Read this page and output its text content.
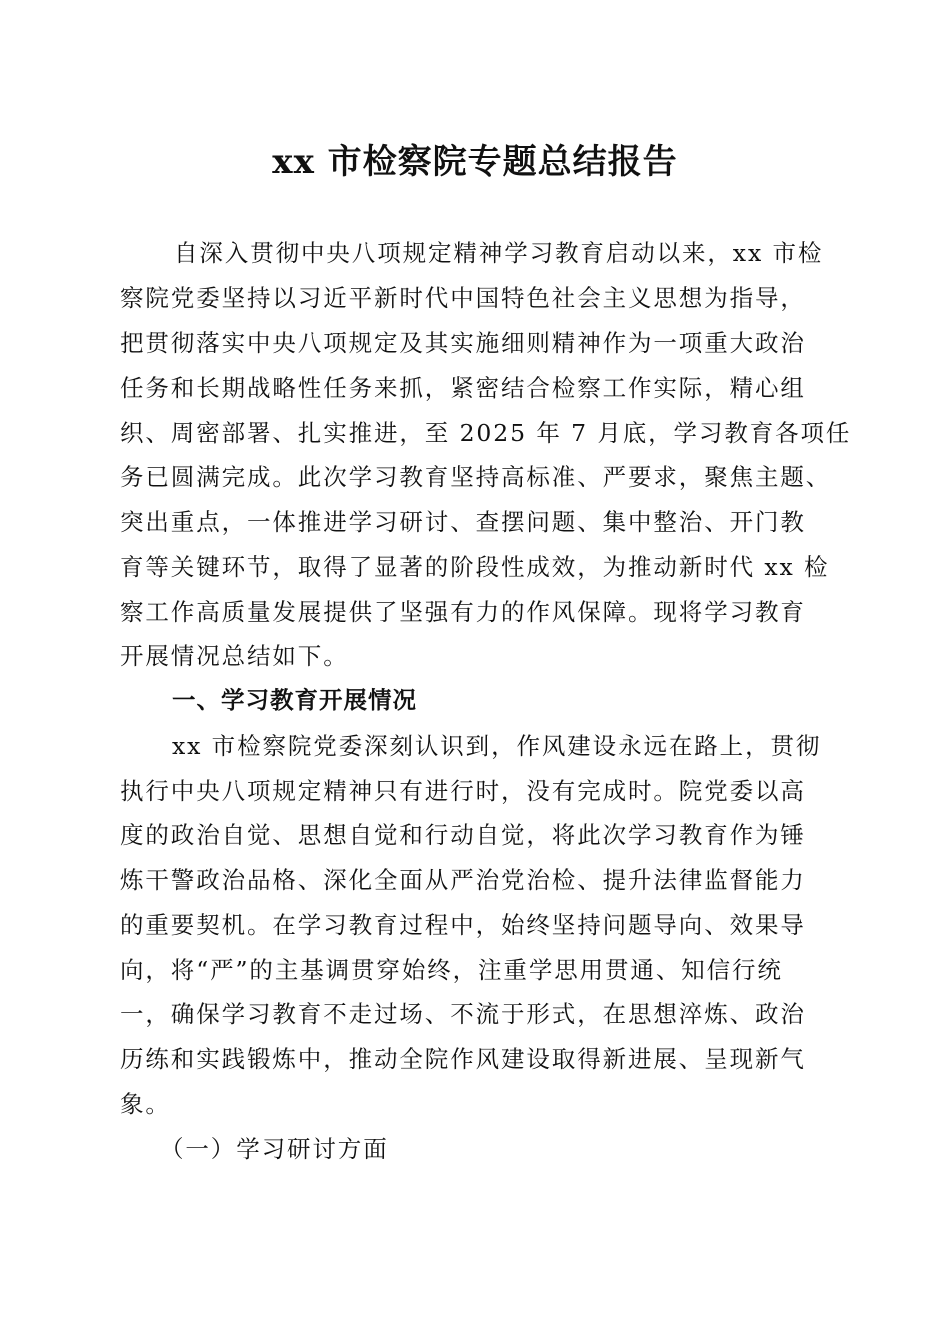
xx 市检察院专题总结报告
自深入贯彻中央八项规定精神学习教育启动以来，xx 市检
察院党委坚持以习近平新时代中国特色社会主义思想为指导，
把贯彻落实中央八项规定及其实施细则精神作为一项重大政治
任务和长期战略性任务来抓，紧密结合检察工作实际，精心组
织、周密部署、扎实推进，至 2025 年 7 月底，学习教育各项任
务已圆满完成。此次学习教育坚持高标准、严要求，聚焦主题、
突出重点，一体推进学习研讨、查摆问题、集中整治、开门教
育等关键环节，取得了显著的阶段性成效，为推动新时代 xx 检
察工作高质量发展提供了坚强有力的作风保障。现将学习教育
开展情况总结如下。
一、学习教育开展情况
xx 市检察院党委深刻认识到，作风建设永远在路上，贯彻
执行中央八项规定精神只有进行时，没有完成时。院党委以高
度的政治自觉、思想自觉和行动自觉，将此次学习教育作为锤
炼干警政治品格、深化全面从严治党治检、提升法律监督能力
的重要契机。在学习教育过程中，始终坚持问题导向、效果导
向，将“严”的主基调贯穿始终，注重学思用贯通、知信行统
一，确保学习教育不走过场、不流于形式，在思想淬炼、政治
历练和实践锻炼中，推动全院作风建设取得新进展、呈现新气
象。
（一）学习研讨方面
